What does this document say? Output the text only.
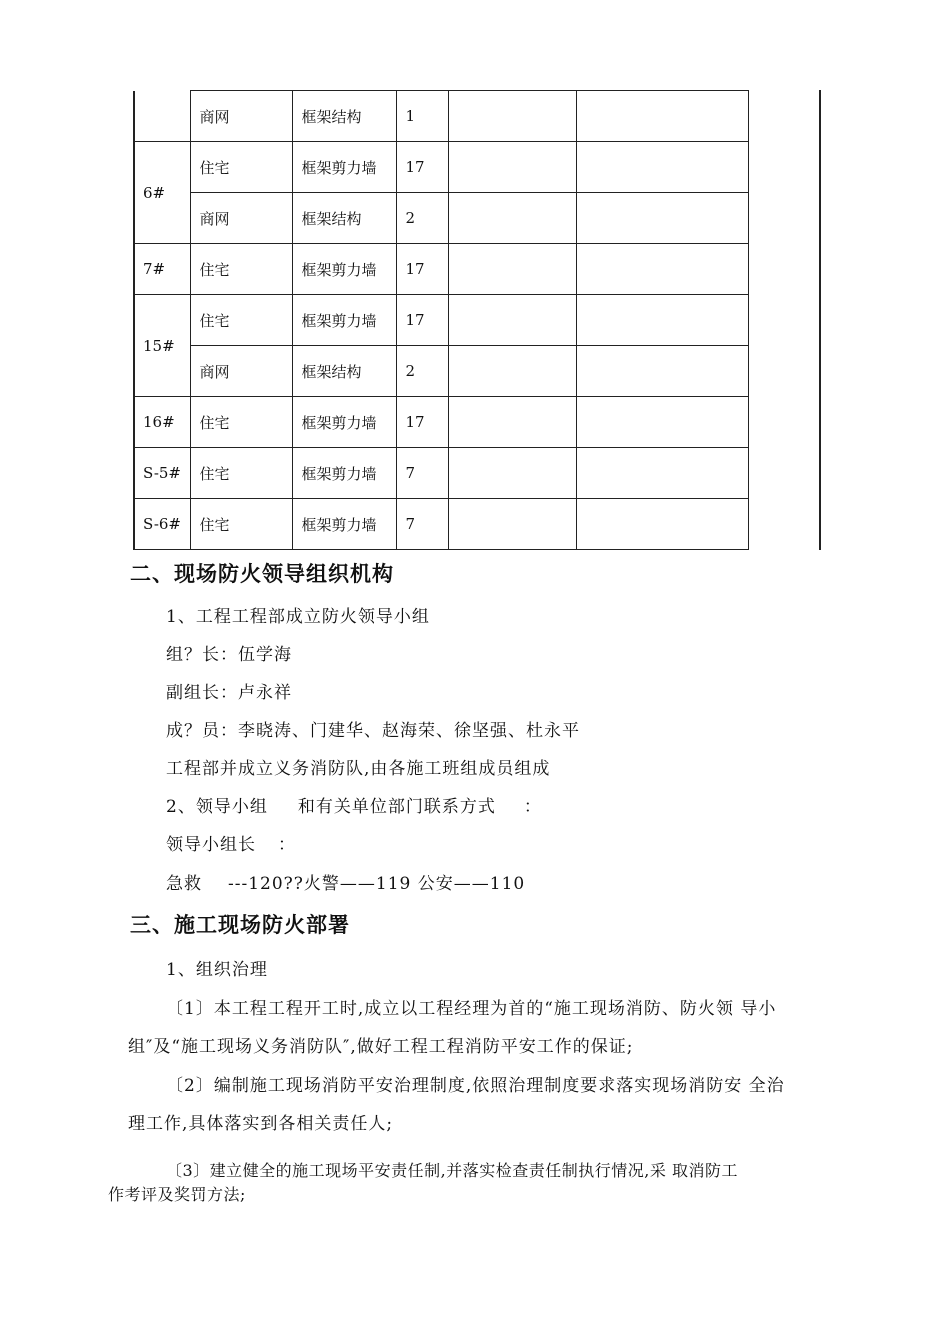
	商网	框架结构	1		
6#	住宅	框架剪力墙	17		
	商网	框架结构	2		
7#	住宅	框架剪力墙	17		
15#	住宅	框架剪力墙	17		
	商网	框架结构	2		
16#	住宅	框架剪力墙	17		
S-5#	住宅	框架剪力墙	7		
S-6#	住宅	框架剪力墙	7		
二、现场防火领导组织机构

1、工程工程部成立防火领导小组

组？长：伍学海

副组长：卢永祥

成？员：李晓涛、门建华、赵海荣、徐坚强、杜永平

工程部并成立义务消防队,由各施工班组成员组成

2、领导小组 和有关单位部门联系方式 ：

领导小组长 ：

急救 ---120??火警——119 公安——110

三、施工现场防火部署

1、组织治理

〔1〕本工程工程开工时,成立以工程经理为首的“施工现场消防、防火领 导小

组″及“施工现场义务消防队″,做好工程工程消防平安工作的保证;

〔2〕编制施工现场消防平安治理制度,依照治理制度要求落实现场消防安 全治

理工作,具体落实到各相关责任人;

〔3〕建立健全的施工现场平安责任制,并落实检查责任制执行情况,采 取消防工

作考评及奖罚方法;
